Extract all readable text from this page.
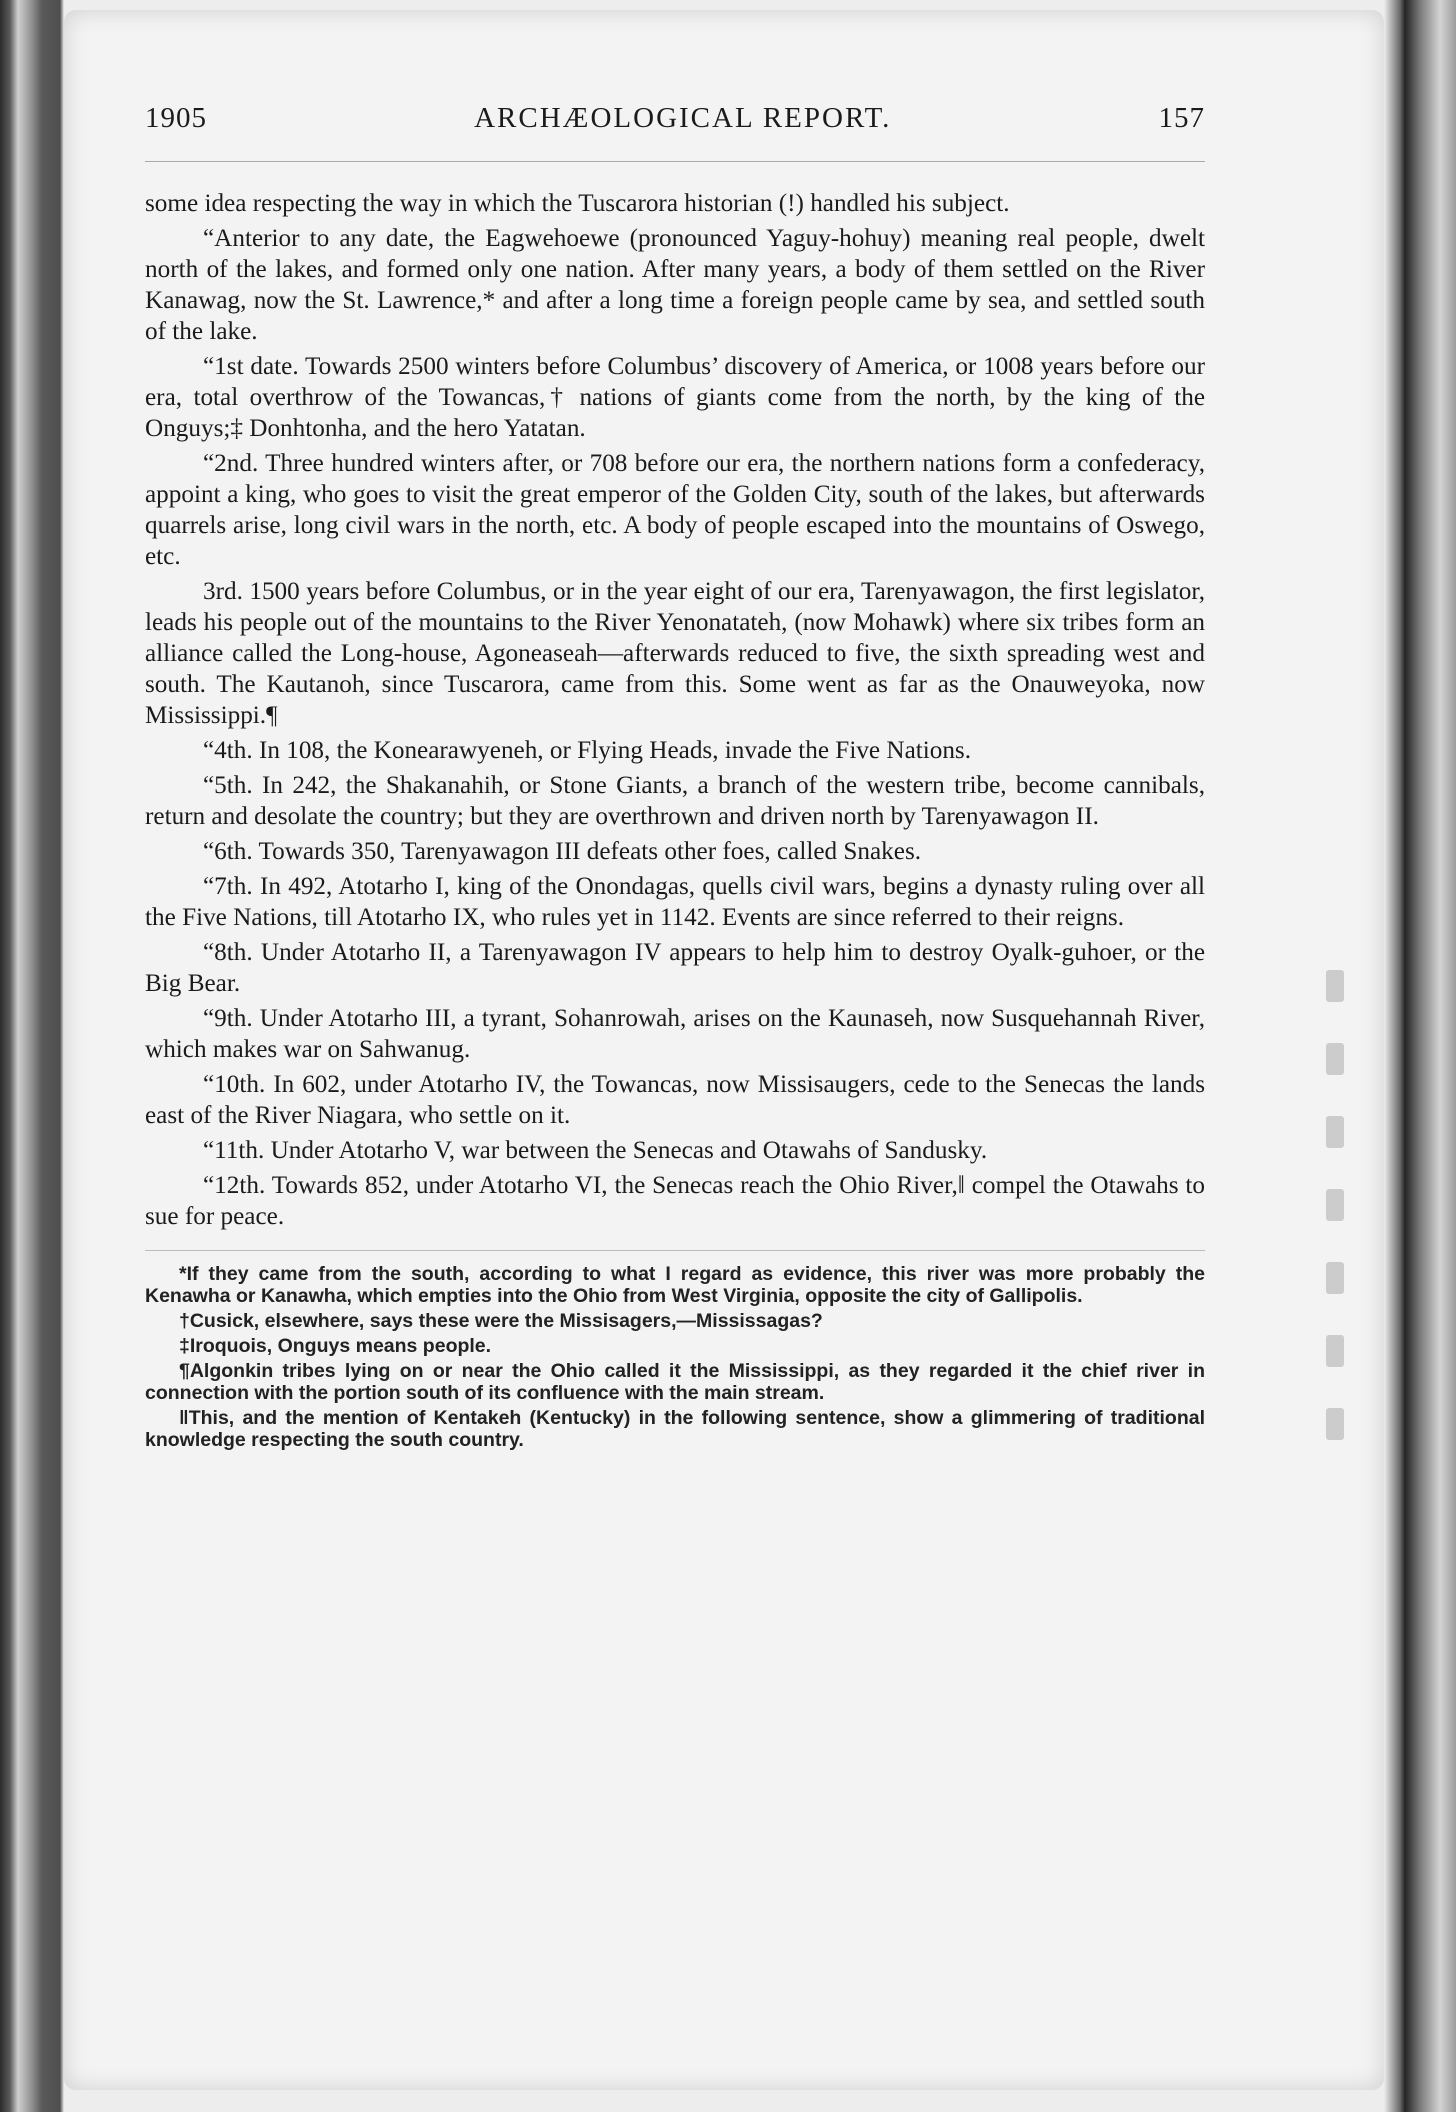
1905	ARCHÆOLOGICAL REPORT.	157

some idea respecting the way in which the Tuscarora historian (!) handled his subject.

“Anterior to any date, the Eagwehoewe (pronounced Yaguy-hohuy) meaning real people, dwelt north of the lakes, and formed only one nation. After many years, a body of them settled on the River Kanawag, now the St. Lawrence,* and after a long time a foreign people came by sea, and settled south of the lake.

“1st date. Towards 2500 winters before Columbus’ discovery of America, or 1008 years before our era, total overthrow of the Towancas,† nations of giants come from the north, by the king of the Onguys;‡ Donhtonha, and the hero Yatatan.

“2nd. Three hundred winters after, or 708 before our era, the northern nations form a confederacy, appoint a king, who goes to visit the great emperor of the Golden City, south of the lakes, but afterwards quarrels arise, long civil wars in the north, etc. A body of people escaped into the mountains of Oswego, etc.

3rd. 1500 years before Columbus, or in the year eight of our era, Tarenyawagon, the first legislator, leads his people out of the mountains to the River Yenonatateh, (now Mohawk) where six tribes form an alliance called the Long-house, Agoneaseah—afterwards reduced to five, the sixth spreading west and south. The Kautanoh, since Tuscarora, came from this. Some went as far as the Onauweyoka, now Mississippi.¶

“4th. In 108, the Konearawyeneh, or Flying Heads, invade the Five Nations.

“5th. In 242, the Shakanahih, or Stone Giants, a branch of the western tribe, become cannibals, return and desolate the country; but they are overthrown and driven north by Tarenyawagon II.

“6th. Towards 350, Tarenyawagon III defeats other foes, called Snakes.

“7th. In 492, Atotarho I, king of the Onondagas, quells civil wars, begins a dynasty ruling over all the Five Nations, till Atotarho IX, who rules yet in 1142. Events are since referred to their reigns.

“8th. Under Atotarho II, a Tarenyawagon IV appears to help him to destroy Oyalk-guhoer, or the Big Bear.

“9th. Under Atotarho III, a tyrant, Sohanrowah, arises on the Kaunaseh, now Susquehannah River, which makes war on Sahwanug.

“10th. In 602, under Atotarho IV, the Towancas, now Missisaugers, cede to the Senecas the lands east of the River Niagara, who settle on it.

“11th. Under Atotarho V, war between the Senecas and Otawahs of Sandusky.

“12th. Towards 852, under Atotarho VI, the Senecas reach the Ohio River,‖ compel the Otawahs to sue for peace.

*If they came from the south, according to what I regard as evidence, this river was more probably the Kenawha or Kanawha, which empties into the Ohio from West Virginia, opposite the city of Gallipolis.

†Cusick, elsewhere, says these were the Missisagers,—Mississagas?

‡Iroquois, Onguys means people.

¶Algonkin tribes lying on or near the Ohio called it the Mississippi, as they regarded it the chief river in connection with the portion south of its confluence with the main stream.

‖This, and the mention of Kentakeh (Kentucky) in the following sentence, show a glimmering of traditional knowledge respecting the south country.
